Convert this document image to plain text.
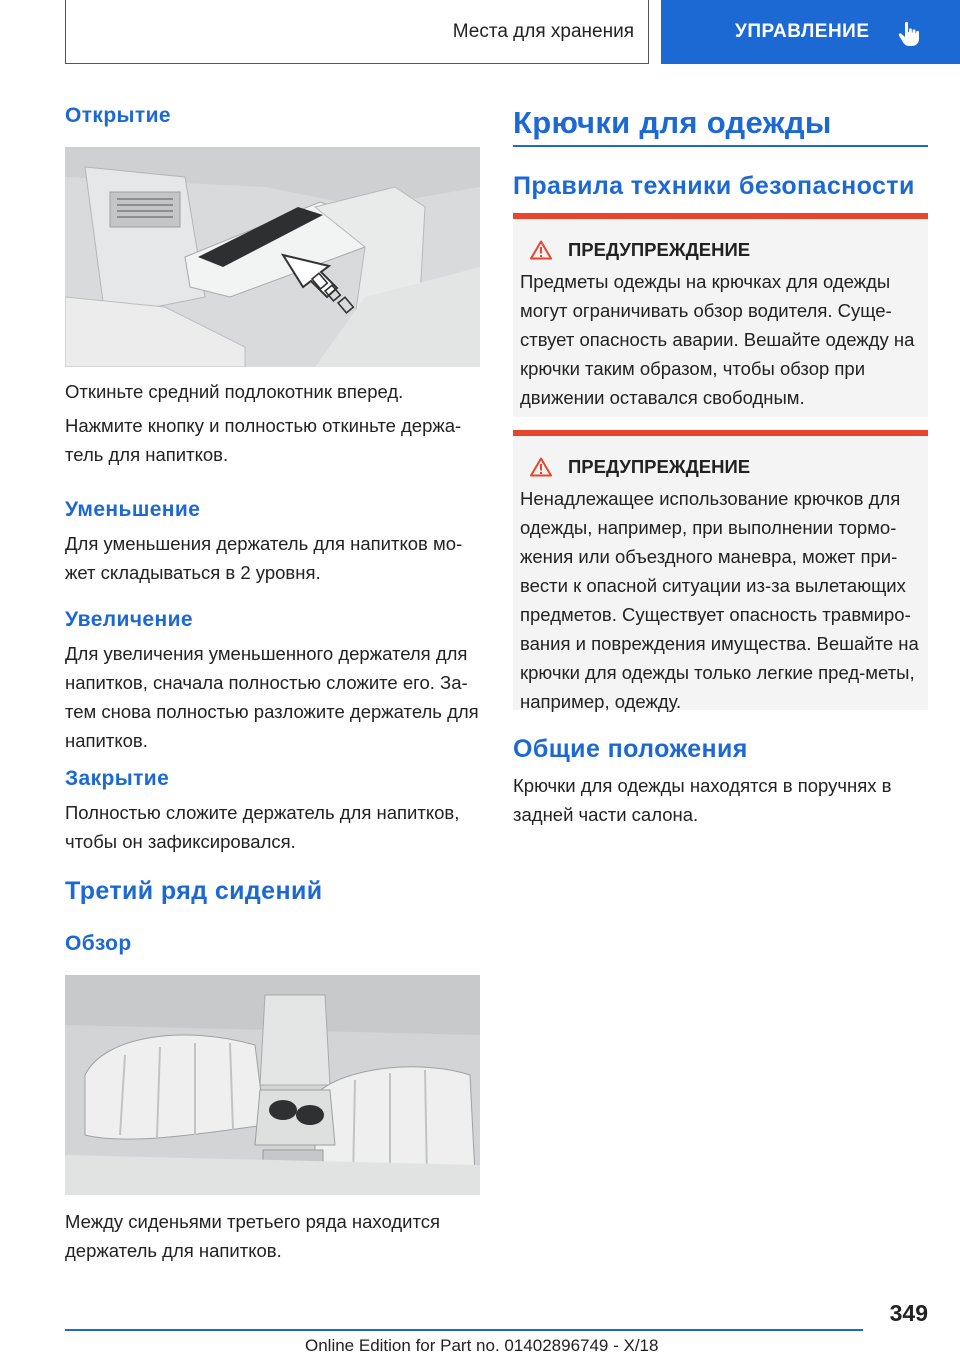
Места для хранения	УПРАВЛЕНИЕ
Открытие

Откиньте средний подлокотник вперед.

Нажмите кнопку и полностью откиньте держа-тель для напитков.

Уменьшение

Для уменьшения держатель для напитков мо-жет складываться в 2 уровня.

Увеличение

Для увеличения уменьшенного держателя для напитков, сначала полностью сложите его. За-тем снова полностью разложите держатель для напитков.

Закрытие

Полностью сложите держатель для напитков, чтобы он зафиксировался.

Третий ряд сидений
Обзор

Между сиденьями третьего ряда находится держатель для напитков.

Крючки для одежды
Правила техники безопасности
ПРЕДУПРЕЖДЕНИЕ

Предметы одежды на крючках для одежды могут ограничивать обзор водителя. Суще-ствует опасность аварии. Вешайте одежду на крючки таким образом, чтобы обзор при движении оставался свободным.

ПРЕДУПРЕЖДЕНИЕ

Ненадлежащее использование крючков для одежды, например, при выполнении тормо-жения или объездного маневра, может при-вести к опасной ситуации из-за вылетающих предметов. Существует опасность травмиро-вания и повреждения имущества. Вешайте на крючки для одежды только легкие пред-меты, например, одежду.

Общие положения

Крючки для одежды находятся в поручнях в задней части салона.

349
Online Edition for Part no. 01402896749 - X/18
